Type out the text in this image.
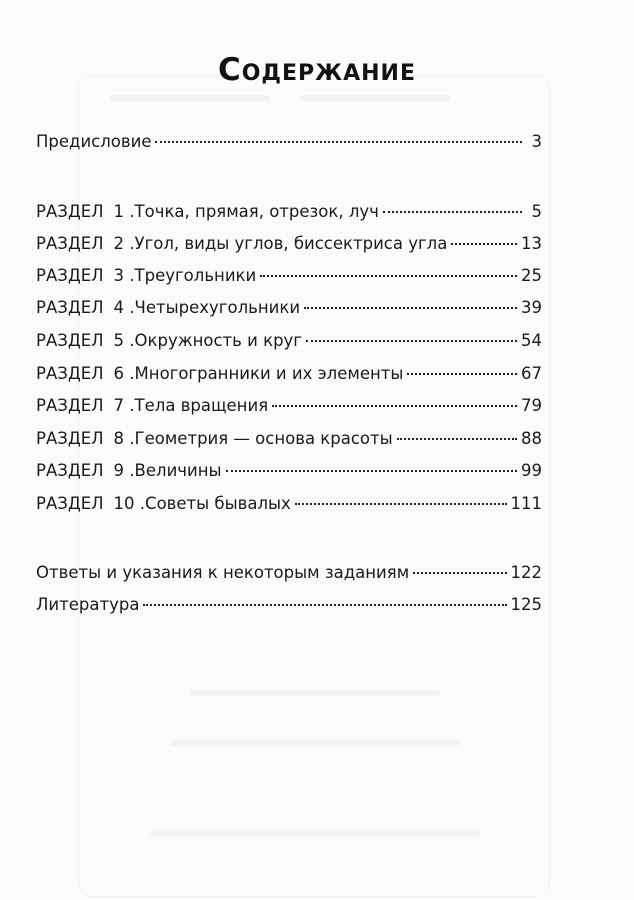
Содержание
Предисловие	3
РАЗДЕЛ 1 . Точка, прямая, отрезок, луч	5
РАЗДЕЛ 2 . Угол, виды углов, биссектриса угла	13
РАЗДЕЛ 3 . Треугольники	25
РАЗДЕЛ 4 . Четырехугольники	39
РАЗДЕЛ 5 . Окружность и круг	54
РАЗДЕЛ 6 . Многогранники и их элементы	67
РАЗДЕЛ 7 . Тела вращения	79
РАЗДЕЛ 8 . Геометрия — основа красоты	88
РАЗДЕЛ 9 . Величины	99
РАЗДЕЛ 10 . Советы бывалых	111
Ответы и указания к некоторым заданиям	122
Литература	125
